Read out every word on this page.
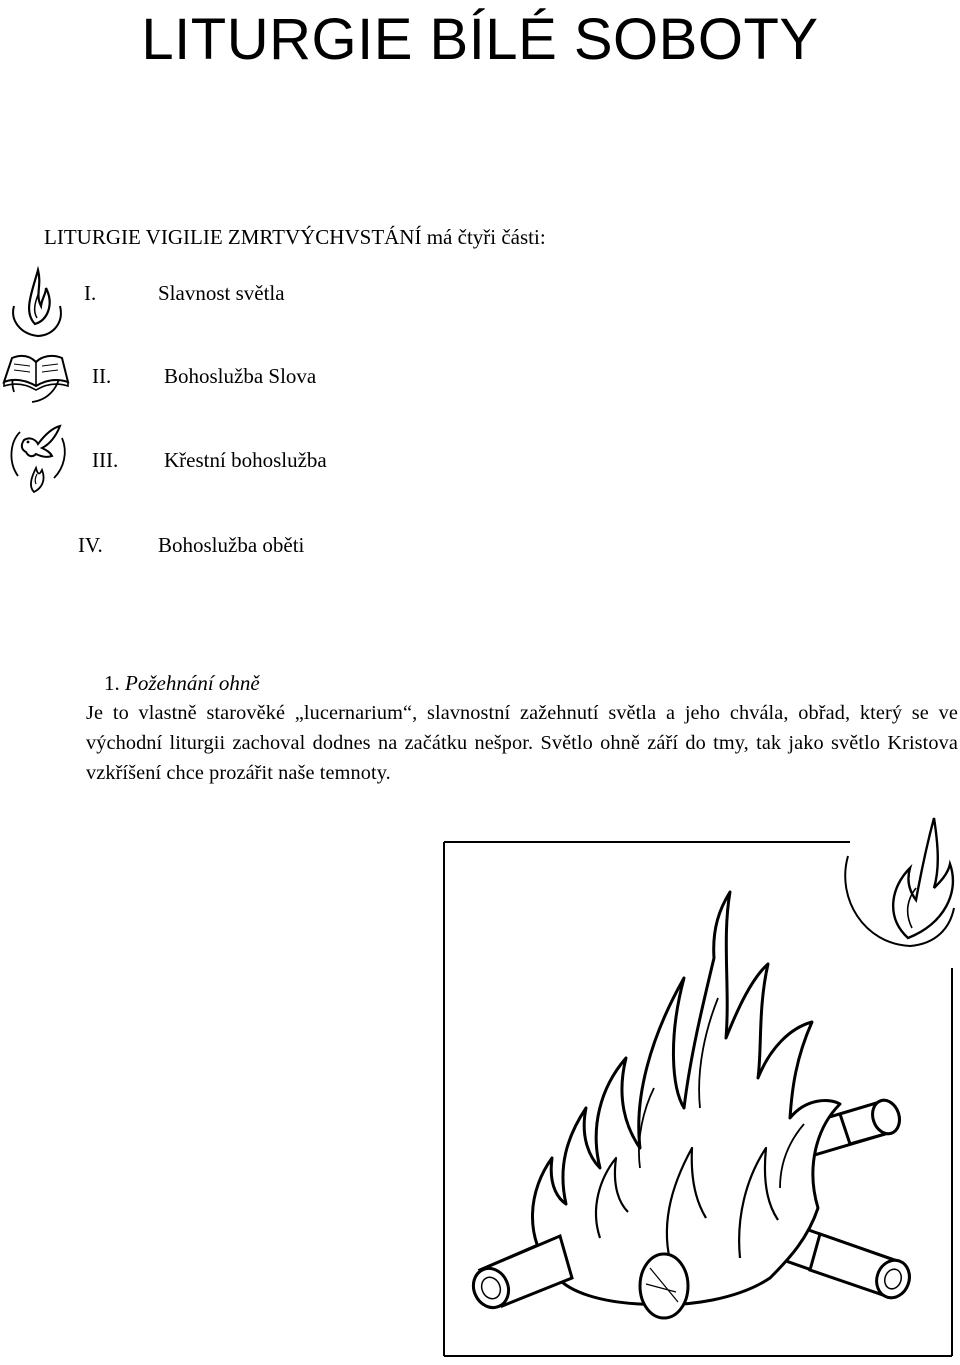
LITURGIE BÍLÉ SOBOTY
LITURGIE VIGILIE ZMRTVÝCHVSTÁNÍ má čtyři části:
I.	Slavnost světla
II.	Bohoslužba Slova
III. Křestní bohoslužba
IV.	Bohoslužba oběti
1. Požehnání ohně
Je to vlastně starověké „lucernarium“, slavnostní zažehnutí světla a jeho chvála, obřad, který se ve východní liturgii zachoval dodnes na začátku nešpor. Světlo ohně září do tmy, tak jako světlo Kristova vzkříšení chce prozářit naše temnoty.
